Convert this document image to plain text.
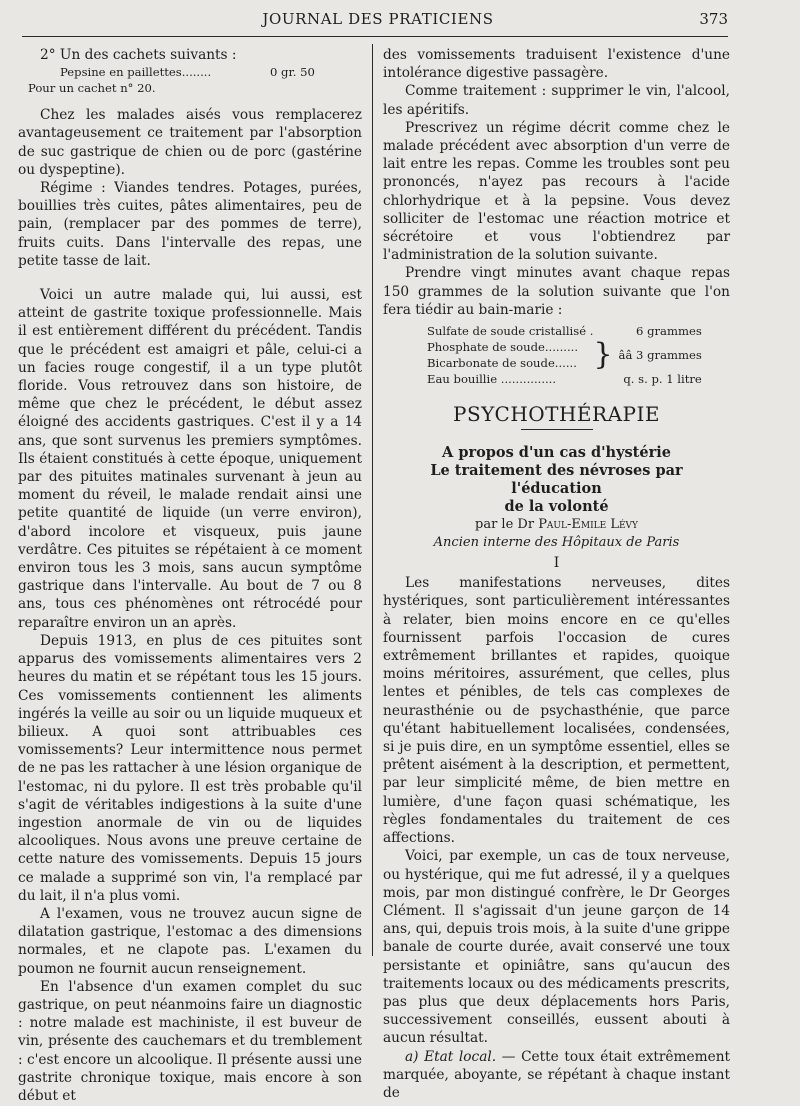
JOURNAL DES PRATICIENS	373

2° Un des cachets suivants :

Pepsine en paillettes........	0 gr. 50

Pour un cachet n° 20.

Chez les malades aisés vous remplacerez avantageusement ce traitement par l'absorption de suc gastrique de chien ou de porc (gastérine ou dyspeptine).

Régime : Viandes tendres. Potages, purées, bouillies très cuites, pâtes alimentaires, peu de pain, (remplacer par des pommes de terre), fruits cuits. Dans l'intervalle des repas, une petite tasse de lait.

Voici un autre malade qui, lui aussi, est atteint de gastrite toxique professionnelle. Mais il est entièrement différent du précédent. Tandis que le précédent est amaigri et pâle, celui-ci a un facies rouge congestif, il a un type plutôt floride. Vous retrouvez dans son histoire, de même que chez le précédent, le début assez éloigné des accidents gastriques. C'est il y a 14 ans, que sont survenus les premiers symptômes. Ils étaient constitués à cette époque, uniquement par des pituites matinales survenant à jeun au moment du réveil, le malade rendait ainsi une petite quantité de liquide (un verre environ), d'abord incolore et visqueux, puis jaune verdâtre. Ces pituites se répétaient à ce moment environ tous les 3 mois, sans aucun symptôme gastrique dans l'intervalle. Au bout de 7 ou 8 ans, tous ces phénomènes ont rétrocédé pour reparaître environ un an après.

Depuis 1913, en plus de ces pituites sont apparus des vomissements alimentaires vers 2 heures du matin et se répétant tous les 15 jours. Ces vomissements contiennent les aliments ingérés la veille au soir ou un liquide muqueux et bilieux. A quoi sont attribuables ces vomissements? Leur intermittence nous permet de ne pas les rattacher à une lésion organique de l'estomac, ni du pylore. Il est très probable qu'il s'agit de véritables indigestions à la suite d'une ingestion anormale de vin ou de liquides alcooliques. Nous avons une preuve certaine de cette nature des vomissements. Depuis 15 jours ce malade a supprimé son vin, l'a remplacé par du lait, il n'a plus vomi.

A l'examen, vous ne trouvez aucun signe de dilatation gastrique, l'estomac a des dimensions normales, et ne clapote pas. L'examen du poumon ne fournit aucun renseignement.

En l'absence d'un examen complet du suc gastrique, on peut néanmoins faire un diagnostic : notre malade est machiniste, il est buveur de vin, présente des cauchemars et du tremblement : c'est encore un alcoolique. Il présente aussi une gastrite chronique toxique, mais encore à son début et

des vomissements traduisent l'existence d'une intolérance digestive passagère.

Comme traitement : supprimer le vin, l'alcool, les apéritifs.

Prescrivez un régime décrit comme chez le malade précédent avec absorption d'un verre de lait entre les repas. Comme les troubles sont peu prononcés, n'ayez pas recours à l'acide chlorhydrique et à la pepsine. Vous devez solliciter de l'estomac une réaction motrice et sécrétoire et vous l'obtiendrez par l'administration de la solution suivante.

Prendre vingt minutes avant chaque repas 150 grammes de la solution suivante que l'on fera tiédir au bain-marie :

Sulfate de soude cristallisé .		6 grammes
Phosphate de soude.........	}	ââ 3 grammes
Bicarbonate de soude......		
Eau bouillie ...............		q. s. p. 1 litre
PSYCHOTHÉRAPIE
A propos d'un cas d'hystérie
Le traitement des névroses par l'éducation
de la volonté
par le Dr Paul-Emile Lévy
Ancien interne des Hôpitaux de Paris
I

Les manifestations nerveuses, dites hystériques, sont particulièrement intéressantes à relater, bien moins encore en ce qu'elles fournissent parfois l'occasion de cures extrêmement brillantes et rapides, quoique moins méritoires, assurément, que celles, plus lentes et pénibles, de tels cas complexes de neurasthénie ou de psychasthénie, que parce qu'étant habituellement localisées, condensées, si je puis dire, en un symptôme essentiel, elles se prêtent aisément à la description, et permettent, par leur simplicité même, de bien mettre en lumière, d'une façon quasi schématique, les règles fondamentales du traitement de ces affections.

Voici, par exemple, un cas de toux nerveuse, ou hystérique, qui me fut adressé, il y a quelques mois, par mon distingué confrère, le Dr Georges Clément. Il s'agissait d'un jeune garçon de 14 ans, qui, depuis trois mois, à la suite d'une grippe banale de courte durée, avait conservé une toux persistante et opiniâtre, sans qu'aucun des traitements locaux ou des médicaments prescrits, pas plus que deux déplacements hors Paris, successivement conseillés, eussent abouti à aucun résultat.

a) Etat local. — Cette toux était extrêmement marquée, aboyante, se répétant à chaque instant de
